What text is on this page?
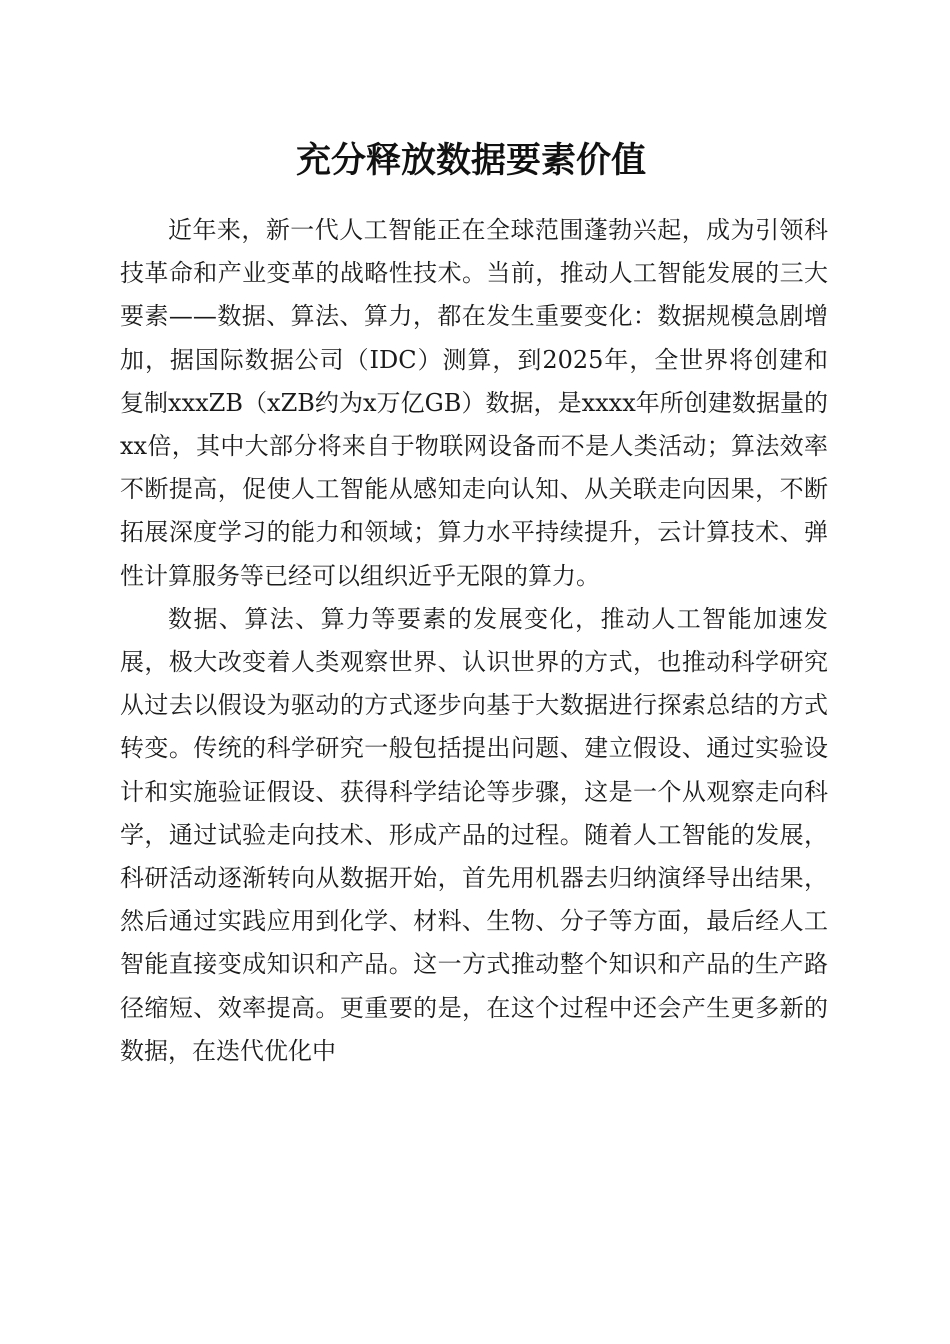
充分释放数据要素价值

近年来，新一代人工智能正在全球范围蓬勃兴起，成为引领科技革命和产业变革的战略性技术。当前，推动人工智能发展的三大要素——数据、算法、算力，都在发生重要变化：数据规模急剧增加，据国际数据公司（IDC）测算，到2025年，全世界将创建和复制xxxZB（xZB约为x万亿GB）数据，是xxxx年所创建数据量的xx倍，其中大部分将来自于物联网设备而不是人类活动；算法效率不断提高，促使人工智能从感知走向认知、从关联走向因果，不断拓展深度学习的能力和领域；算力水平持续提升，云计算技术、弹性计算服务等已经可以组织近乎无限的算力。

数据、算法、算力等要素的发展变化，推动人工智能加速发展，极大改变着人类观察世界、认识世界的方式，也推动科学研究从过去以假设为驱动的方式逐步向基于大数据进行探索总结的方式转变。传统的科学研究一般包括提出问题、建立假设、通过实验设计和实施验证假设、获得科学结论等步骤，这是一个从观察走向科学，通过试验走向技术、形成产品的过程。随着人工智能的发展，科研活动逐渐转向从数据开始，首先用机器去归纳演绎导出结果，然后通过实践应用到化学、材料、生物、分子等方面，最后经人工智能直接变成知识和产品。这一方式推动整个知识和产品的生产路径缩短、效率提高。更重要的是，在这个过程中还会产生更多新的数据，在迭代优化中
